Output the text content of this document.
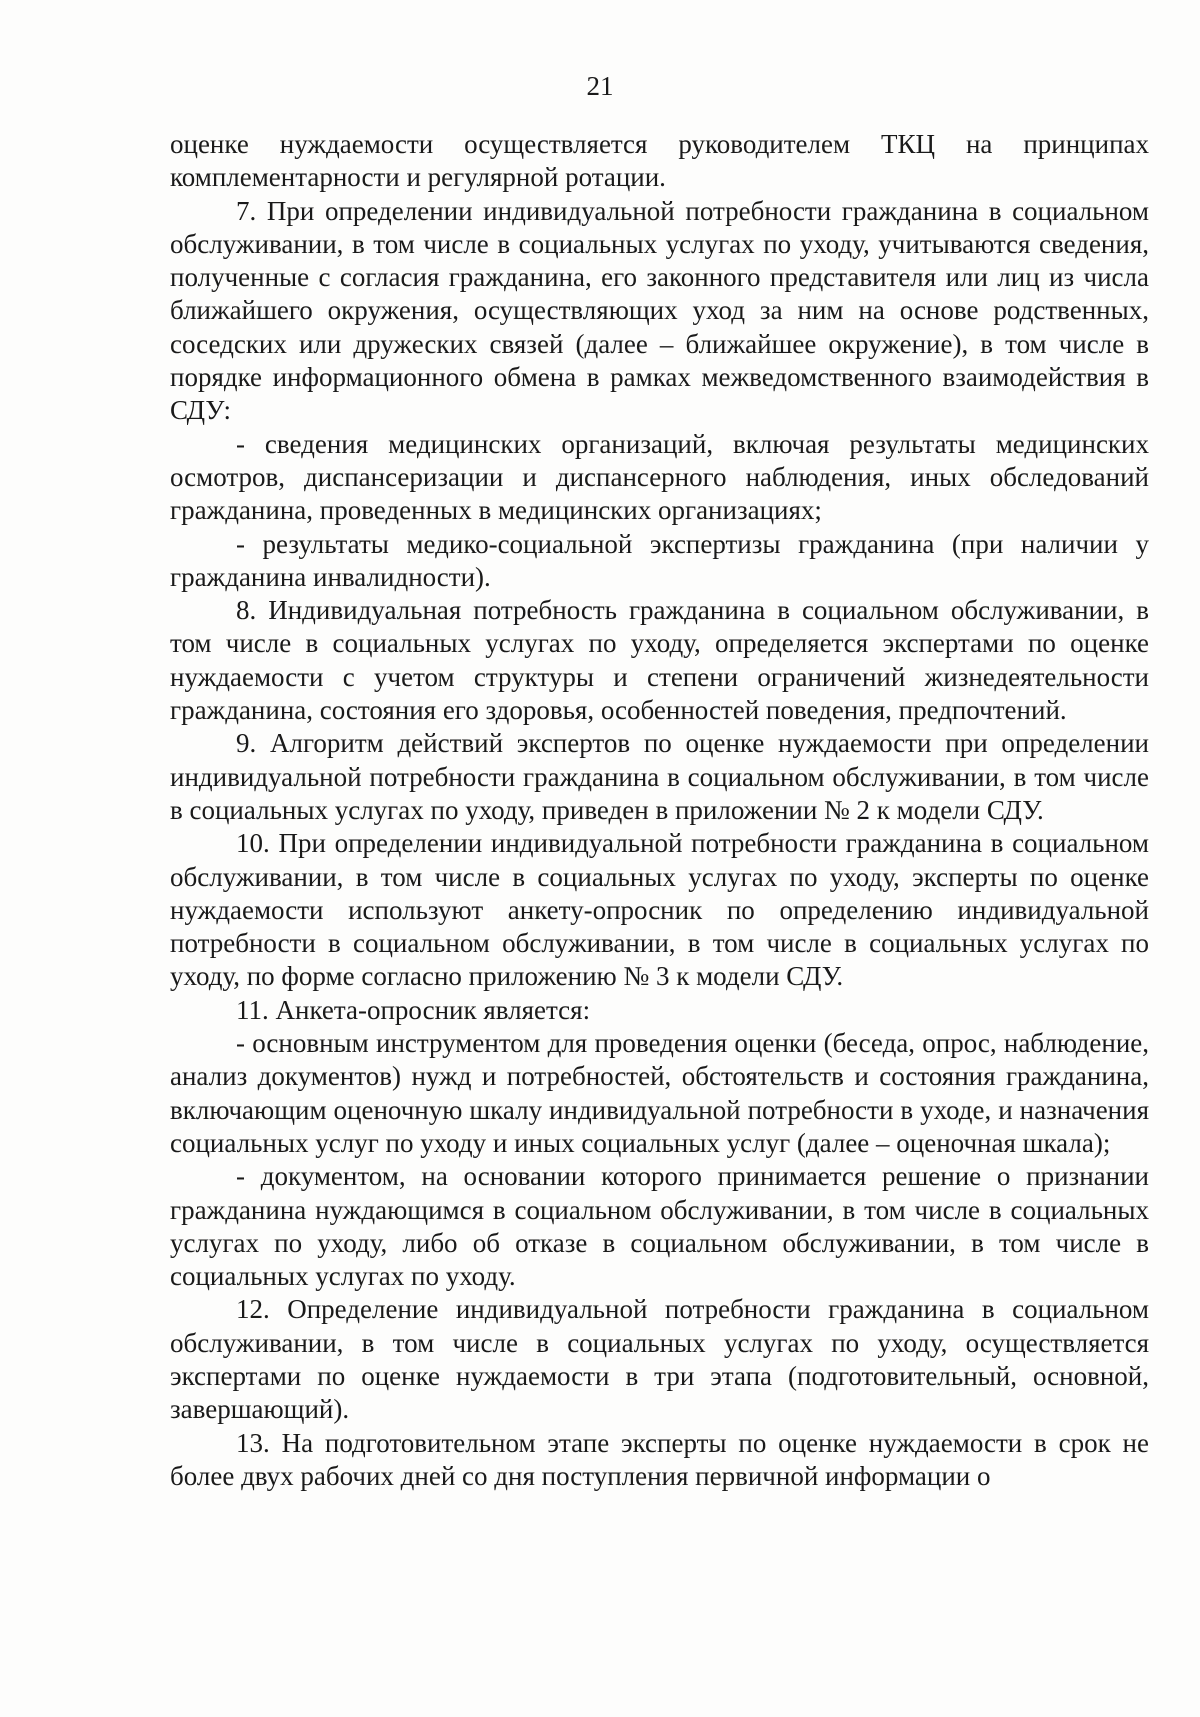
21

оценке нуждаемости осуществляется руководителем ТКЦ на принципах комплементарности и регулярной ротации.

7. При определении индивидуальной потребности гражданина в социальном обслуживании, в том числе в социальных услугах по уходу, учитываются сведения, полученные с согласия гражданина, его законного представителя или лиц из числа ближайшего окружения, осуществляющих уход за ним на основе родственных, соседских или дружеских связей (далее – ближайшее окружение), в том числе в порядке информационного обмена в рамках межведомственного взаимодействия в СДУ:

- сведения медицинских организаций, включая результаты медицинских осмотров, диспансеризации и диспансерного наблюдения, иных обследований гражданина, проведенных в медицинских организациях;

- результаты медико-социальной экспертизы гражданина (при наличии у гражданина инвалидности).

8. Индивидуальная потребность гражданина в социальном обслуживании, в том числе в социальных услугах по уходу, определяется экспертами по оценке нуждаемости с учетом структуры и степени ограничений жизнедеятельности гражданина, состояния его здоровья, особенностей поведения, предпочтений.

9. Алгоритм действий экспертов по оценке нуждаемости при определении индивидуальной потребности гражданина в социальном обслуживании, в том числе в социальных услугах по уходу, приведен в приложении № 2 к модели СДУ.

10. При определении индивидуальной потребности гражданина в социальном обслуживании, в том числе в социальных услугах по уходу, эксперты по оценке нуждаемости используют анкету-опросник по определению индивидуальной потребности в социальном обслуживании, в том числе в социальных услугах по уходу, по форме согласно приложению № 3 к модели СДУ.

11. Анкета-опросник является:

- основным инструментом для проведения оценки (беседа, опрос, наблюдение, анализ документов) нужд и потребностей, обстоятельств и состояния гражданина, включающим оценочную шкалу индивидуальной потребности в уходе, и назначения социальных услуг по уходу и иных социальных услуг (далее – оценочная шкала);

- документом, на основании которого принимается решение о признании гражданина нуждающимся в социальном обслуживании, в том числе в социальных услугах по уходу, либо об отказе в социальном обслуживании, в том числе в социальных услугах по уходу.

12. Определение индивидуальной потребности гражданина в социальном обслуживании, в том числе в социальных услугах по уходу, осуществляется экспертами по оценке нуждаемости в три этапа (подготовительный, основной, завершающий).

13. На подготовительном этапе эксперты по оценке нуждаемости в срок не более двух рабочих дней со дня поступления первичной информации о
